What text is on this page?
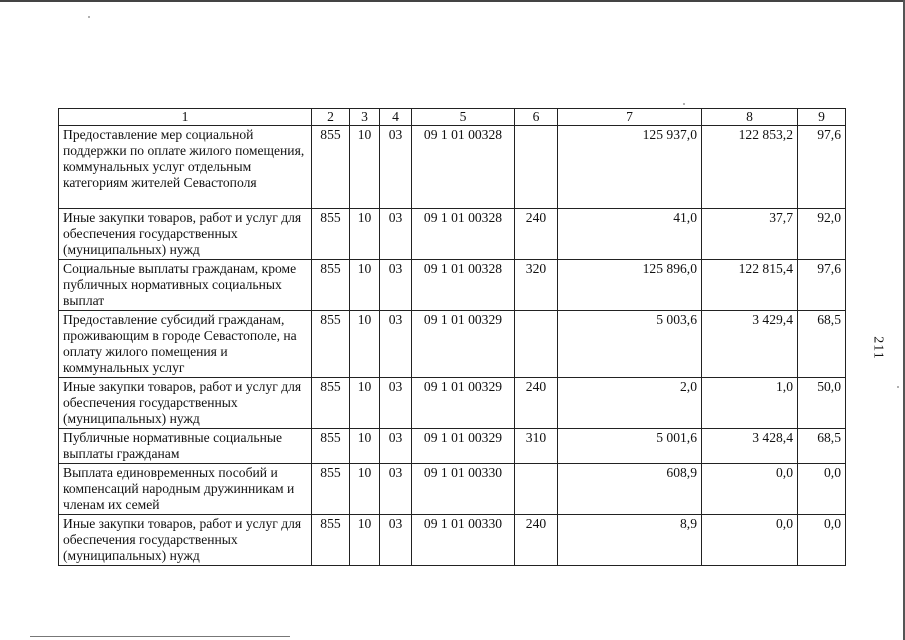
1	2	3	4	5	6	7	8	9
Предоставление мер социальной поддержки по оплате жилого помещения, коммунальных услуг отдельным категориям жителей Севастополя	855	10	03	09 1 01 00328		125 937,0	122 853,2	97,6
Иные закупки товаров, работ и услуг для обеспечения государственных (муниципальных) нужд	855	10	03	09 1 01 00328	240	41,0	37,7	92,0
Социальные выплаты гражданам, кроме публичных нормативных социальных выплат	855	10	03	09 1 01 00328	320	125 896,0	122 815,4	97,6
Предоставление субсидий гражданам, проживающим в городе Севастополе, на оплату жилого помещения и коммунальных услуг	855	10	03	09 1 01 00329		5 003,6	3 429,4	68,5
Иные закупки товаров, работ и услуг для обеспечения государственных (муниципальных) нужд	855	10	03	09 1 01 00329	240	2,0	1,0	50,0
Публичные нормативные социальные выплаты гражданам	855	10	03	09 1 01 00329	310	5 001,6	3 428,4	68,5
Выплата единовременных пособий и компенсаций народным дружинникам и членам их семей	855	10	03	09 1 01 00330		608,9	0,0	0,0
Иные закупки товаров, работ и услуг для обеспечения государственных (муниципальных) нужд	855	10	03	09 1 01 00330	240	8,9	0,0	0,0
211
